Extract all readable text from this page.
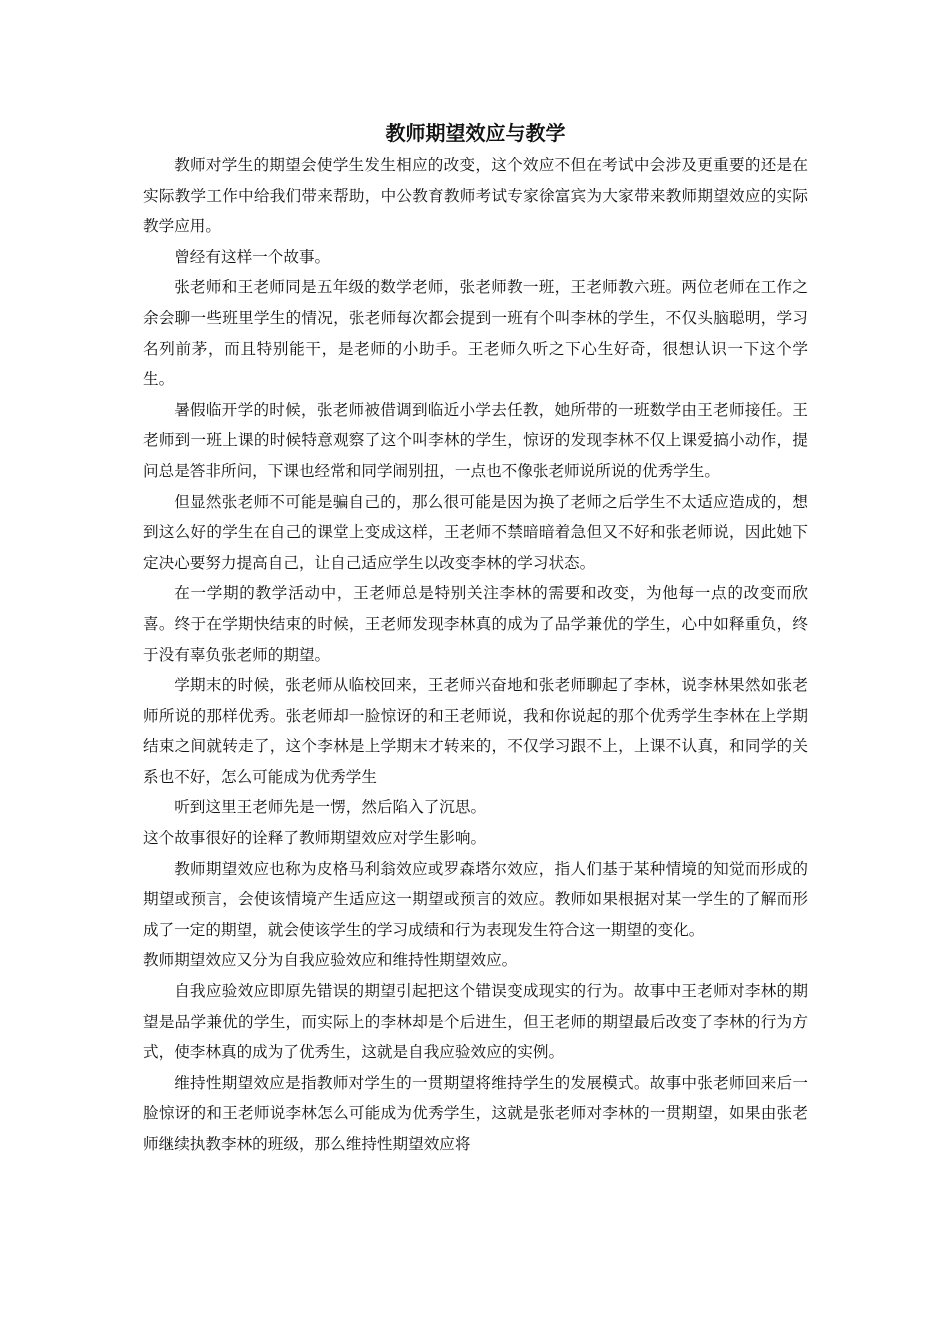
教师期望效应与教学

教师对学生的期望会使学生发生相应的改变，这个效应不但在考试中会涉及更重要的还是在实际教学工作中给我们带来帮助，中公教育教师考试专家徐富宾为大家带来教师期望效应的实际教学应用。

曾经有这样一个故事。

张老师和王老师同是五年级的数学老师，张老师教一班，王老师教六班。两位老师在工作之余会聊一些班里学生的情况，张老师每次都会提到一班有个叫李林的学生，不仅头脑聪明，学习名列前茅，而且特别能干，是老师的小助手。王老师久听之下心生好奇，很想认识一下这个学生。

暑假临开学的时候，张老师被借调到临近小学去任教，她所带的一班数学由王老师接任。王老师到一班上课的时候特意观察了这个叫李林的学生，惊讶的发现李林不仅上课爱搞小动作，提问总是答非所问，下课也经常和同学闹别扭，一点也不像张老师说所说的优秀学生。

但显然张老师不可能是骗自己的，那么很可能是因为换了老师之后学生不太适应造成的，想到这么好的学生在自己的课堂上变成这样，王老师不禁暗暗着急但又不好和张老师说，因此她下定决心要努力提高自己，让自己适应学生以改变李林的学习状态。

在一学期的教学活动中，王老师总是特别关注李林的需要和改变，为他每一点的改变而欣喜。终于在学期快结束的时候，王老师发现李林真的成为了品学兼优的学生，心中如释重负，终于没有辜负张老师的期望。

学期末的时候，张老师从临校回来，王老师兴奋地和张老师聊起了李林，说李林果然如张老师所说的那样优秀。张老师却一脸惊讶的和王老师说，我和你说起的那个优秀学生李林在上学期结束之间就转走了，这个李林是上学期末才转来的，不仅学习跟不上，上课不认真，和同学的关系也不好，怎么可能成为优秀学生

听到这里王老师先是一愣，然后陷入了沉思。

这个故事很好的诠释了教师期望效应对学生影响。

教师期望效应也称为皮格马利翁效应或罗森塔尔效应，指人们基于某种情境的知觉而形成的期望或预言，会使该情境产生适应这一期望或预言的效应。教师如果根据对某一学生的了解而形成了一定的期望，就会使该学生的学习成绩和行为表现发生符合这一期望的变化。

教师期望效应又分为自我应验效应和维持性期望效应。

自我应验效应即原先错误的期望引起把这个错误变成现实的行为。故事中王老师对李林的期望是品学兼优的学生，而实际上的李林却是个后进生，但王老师的期望最后改变了李林的行为方式，使李林真的成为了优秀生，这就是自我应验效应的实例。

维持性期望效应是指教师对学生的一贯期望将维持学生的发展模式。故事中张老师回来后一脸惊讶的和王老师说李林怎么可能成为优秀学生，这就是张老师对李林的一贯期望，如果由张老师继续执教李林的班级，那么维持性期望效应将
